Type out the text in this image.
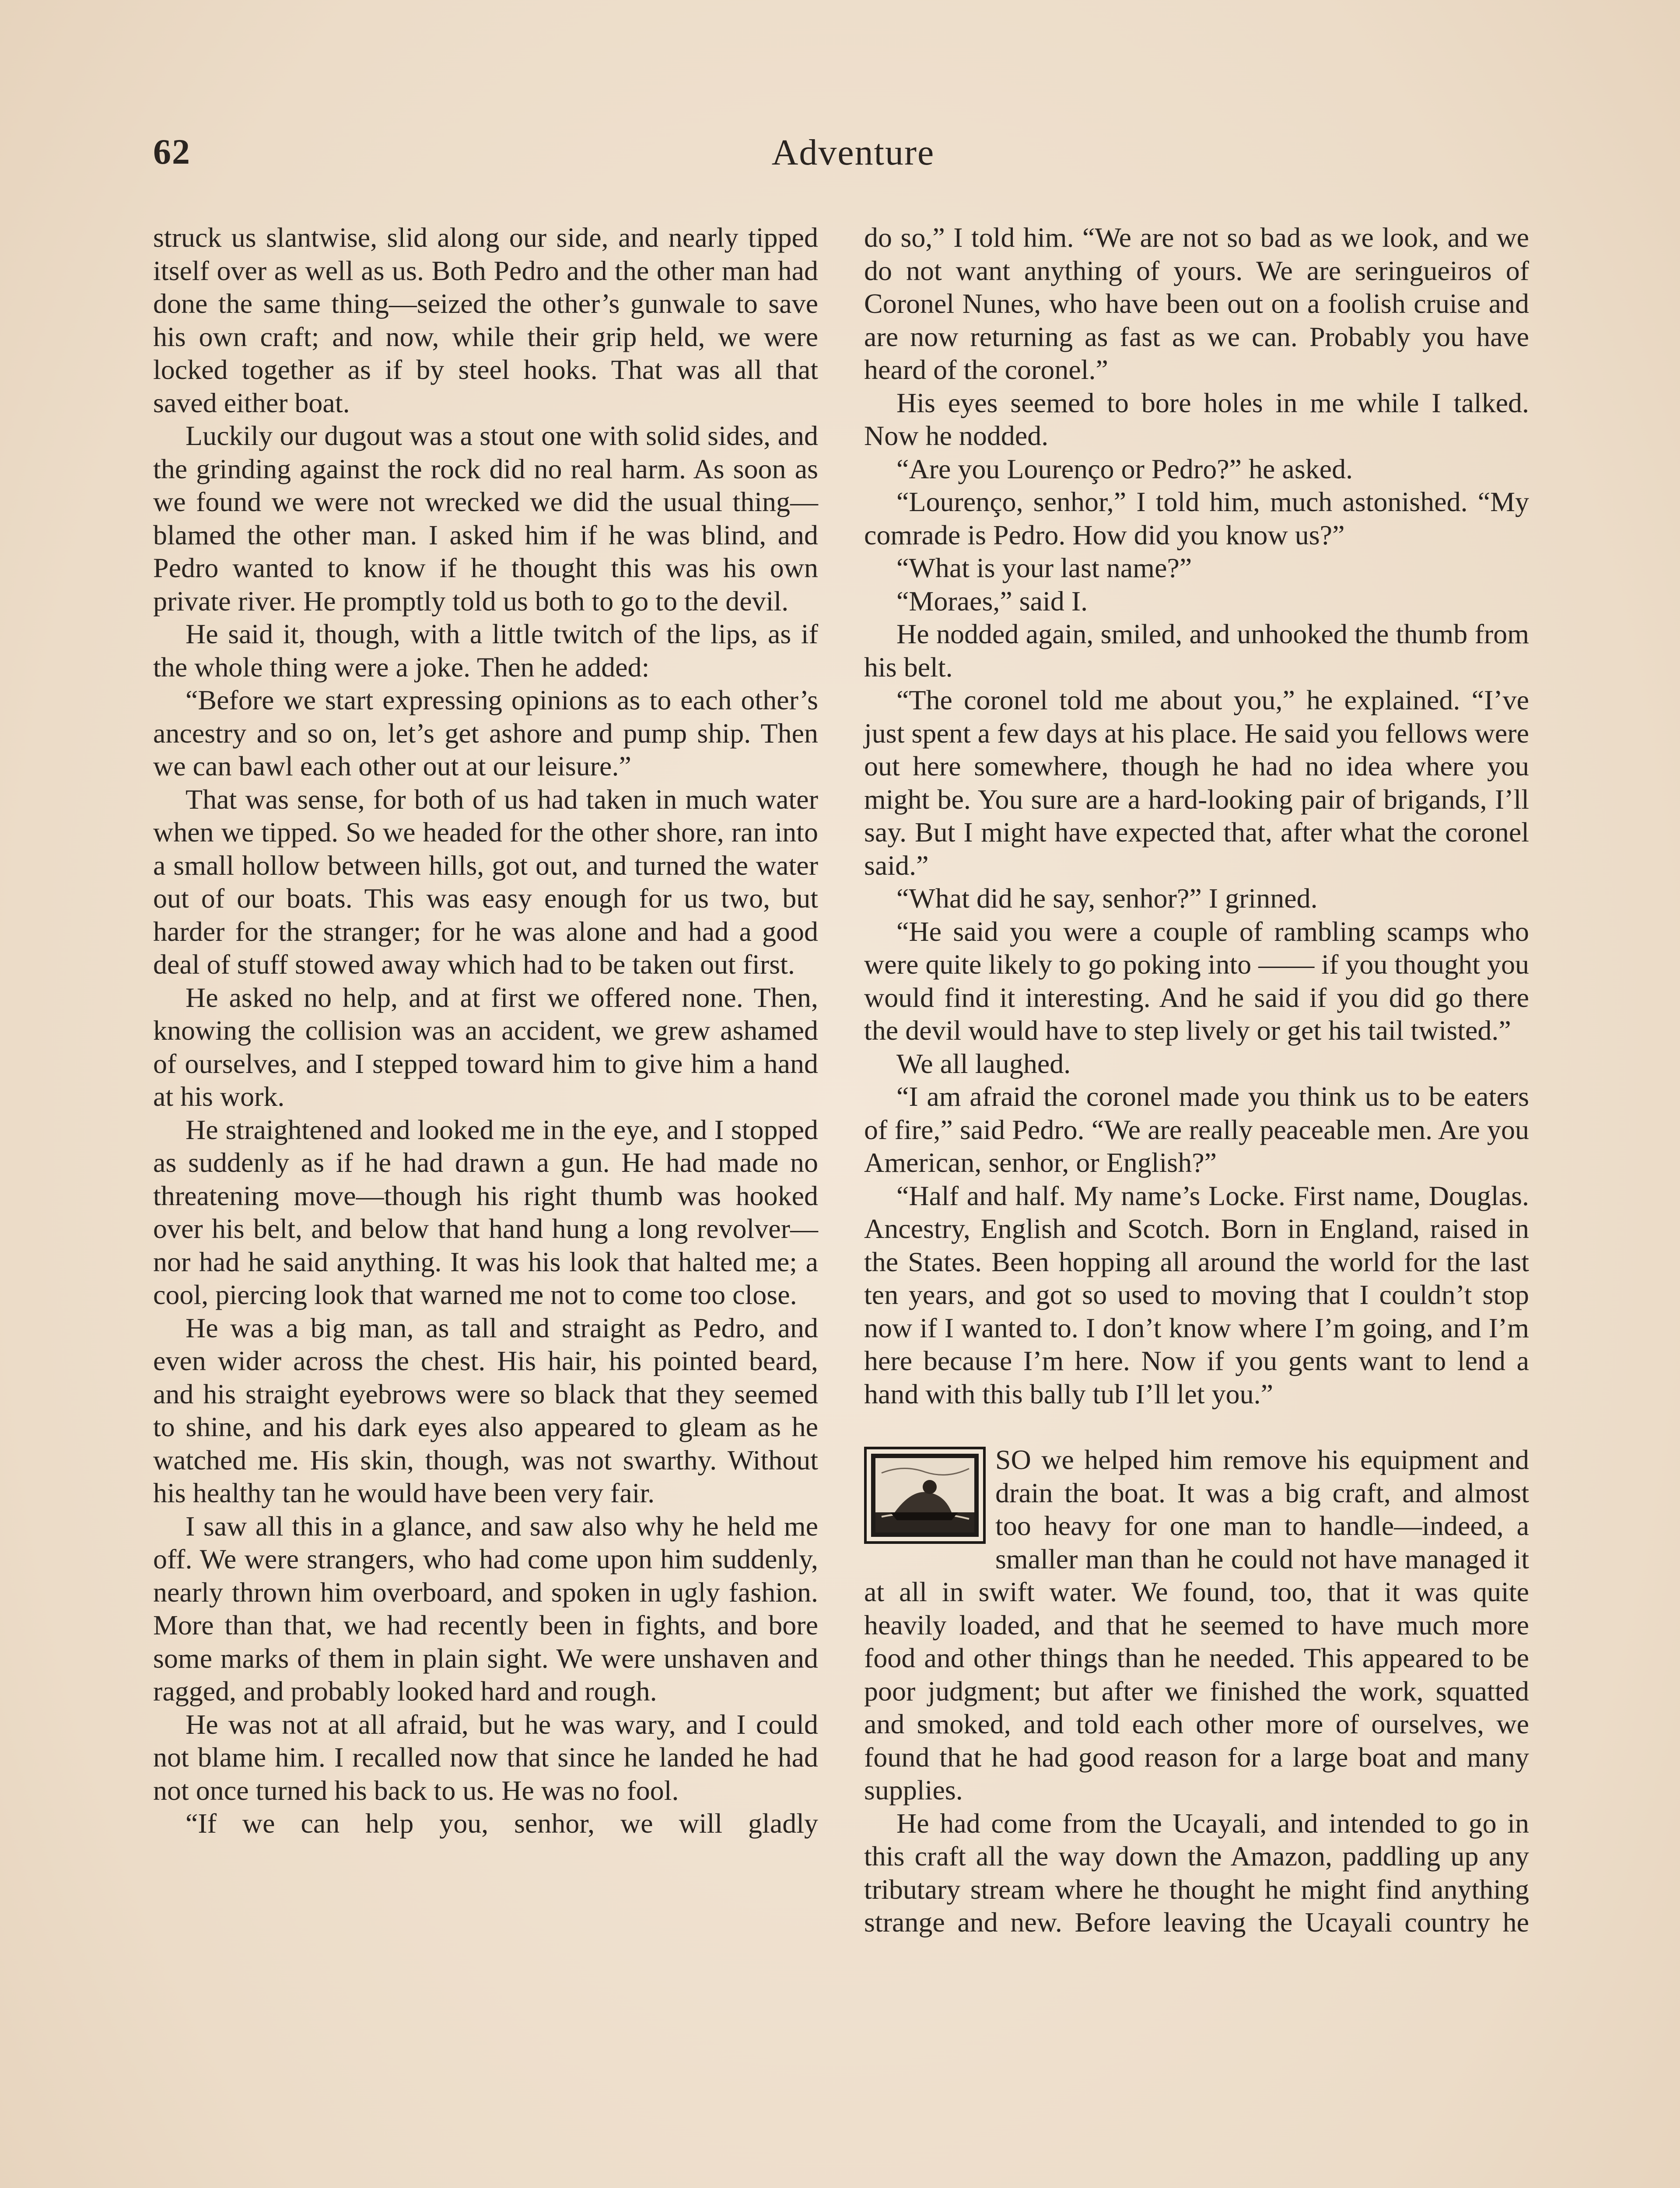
62	Adventure

struck us slantwise, slid along our side, and nearly tipped itself over as well as us. Both Pedro and the other man had done the same thing—seized the other’s gunwale to save his own craft; and now, while their grip held, we were locked together as if by steel hooks. That was all that saved either boat.

Luckily our dugout was a stout one with solid sides, and the grinding against the rock did no real harm. As soon as we found we were not wrecked we did the usual thing—blamed the other man. I asked him if he was blind, and Pedro wanted to know if he thought this was his own private river. He promptly told us both to go to the devil.

He said it, though, with a little twitch of the lips, as if the whole thing were a joke. Then he added:

“Before we start expressing opinions as to each other’s ancestry and so on, let’s get ashore and pump ship. Then we can bawl each other out at our leisure.”

That was sense, for both of us had taken in much water when we tipped. So we headed for the other shore, ran into a small hollow between hills, got out, and turned the water out of our boats. This was easy enough for us two, but harder for the stranger; for he was alone and had a good deal of stuff stowed away which had to be taken out first.

He asked no help, and at first we offered none. Then, knowing the collision was an accident, we grew ashamed of ourselves, and I stepped toward him to give him a hand at his work.

He straightened and looked me in the eye, and I stopped as suddenly as if he had drawn a gun. He had made no threatening move—though his right thumb was hooked over his belt, and below that hand hung a long revolver—nor had he said anything. It was his look that halted me; a cool, piercing look that warned me not to come too close.

He was a big man, as tall and straight as Pedro, and even wider across the chest. His hair, his pointed beard, and his straight eyebrows were so black that they seemed to shine, and his dark eyes also appeared to gleam as he watched me. His skin, though, was not swarthy. Without his healthy tan he would have been very fair.

I saw all this in a glance, and saw also why he held me off. We were strangers, who had come upon him suddenly, nearly thrown him overboard, and spoken in ugly fashion. More than that, we had recently been in fights, and bore some marks of them in plain sight. We were unshaven and ragged, and probably looked hard and rough.

He was not at all afraid, but he was wary, and I could not blame him. I recalled now that since he landed he had not once turned his back to us. He was no fool.

“If we can help you, senhor, we will gladly

do so,” I told him. “We are not so bad as we look, and we do not want anything of yours. We are seringueiros of Coronel Nunes, who have been out on a foolish cruise and are now returning as fast as we can. Probably you have heard of the coronel.”

His eyes seemed to bore holes in me while I talked. Now he nodded.

“Are you Lourenço or Pedro?” he asked.

“Lourenço, senhor,” I told him, much astonished. “My comrade is Pedro. How did you know us?”

“What is your last name?”

“Moraes,” said I.

He nodded again, smiled, and unhooked the thumb from his belt.

“The coronel told me about you,” he explained. “I’ve just spent a few days at his place. He said you fellows were out here somewhere, though he had no idea where you might be. You sure are a hard-looking pair of brigands, I’ll say. But I might have expected that, after what the coronel said.”

“What did he say, senhor?” I grinned.

“He said you were a couple of rambling scamps who were quite likely to go poking into —— if you thought you would find it interesting. And he said if you did go there the devil would have to step lively or get his tail twisted.”

We all laughed.

“I am afraid the coronel made you think us to be eaters of fire,” said Pedro. “We are really peaceable men. Are you American, senhor, or English?”

“Half and half. My name’s Locke. First name, Douglas. Ancestry, English and Scotch. Born in England, raised in the States. Been hopping all around the world for the last ten years, and got so used to moving that I couldn’t stop now if I wanted to. I don’t know where I’m going, and I’m here because I’m here. Now if you gents want to lend a hand with this bally tub I’ll let you.”

SO we helped him remove his equipment and drain the boat. It was a big craft, and almost too heavy for one man to handle—indeed, a smaller man than he could not have managed it at all in swift water. We found, too, that it was quite heavily loaded, and that he seemed to have much more food and other things than he needed. This appeared to be poor judgment; but after we finished the work, squatted and smoked, and told each other more of ourselves, we found that he had good reason for a large boat and many supplies.

He had come from the Ucayali, and intended to go in this craft all the way down the Amazon, paddling up any tributary stream where he thought he might find anything strange and new. Before leaving the Ucayali country he
